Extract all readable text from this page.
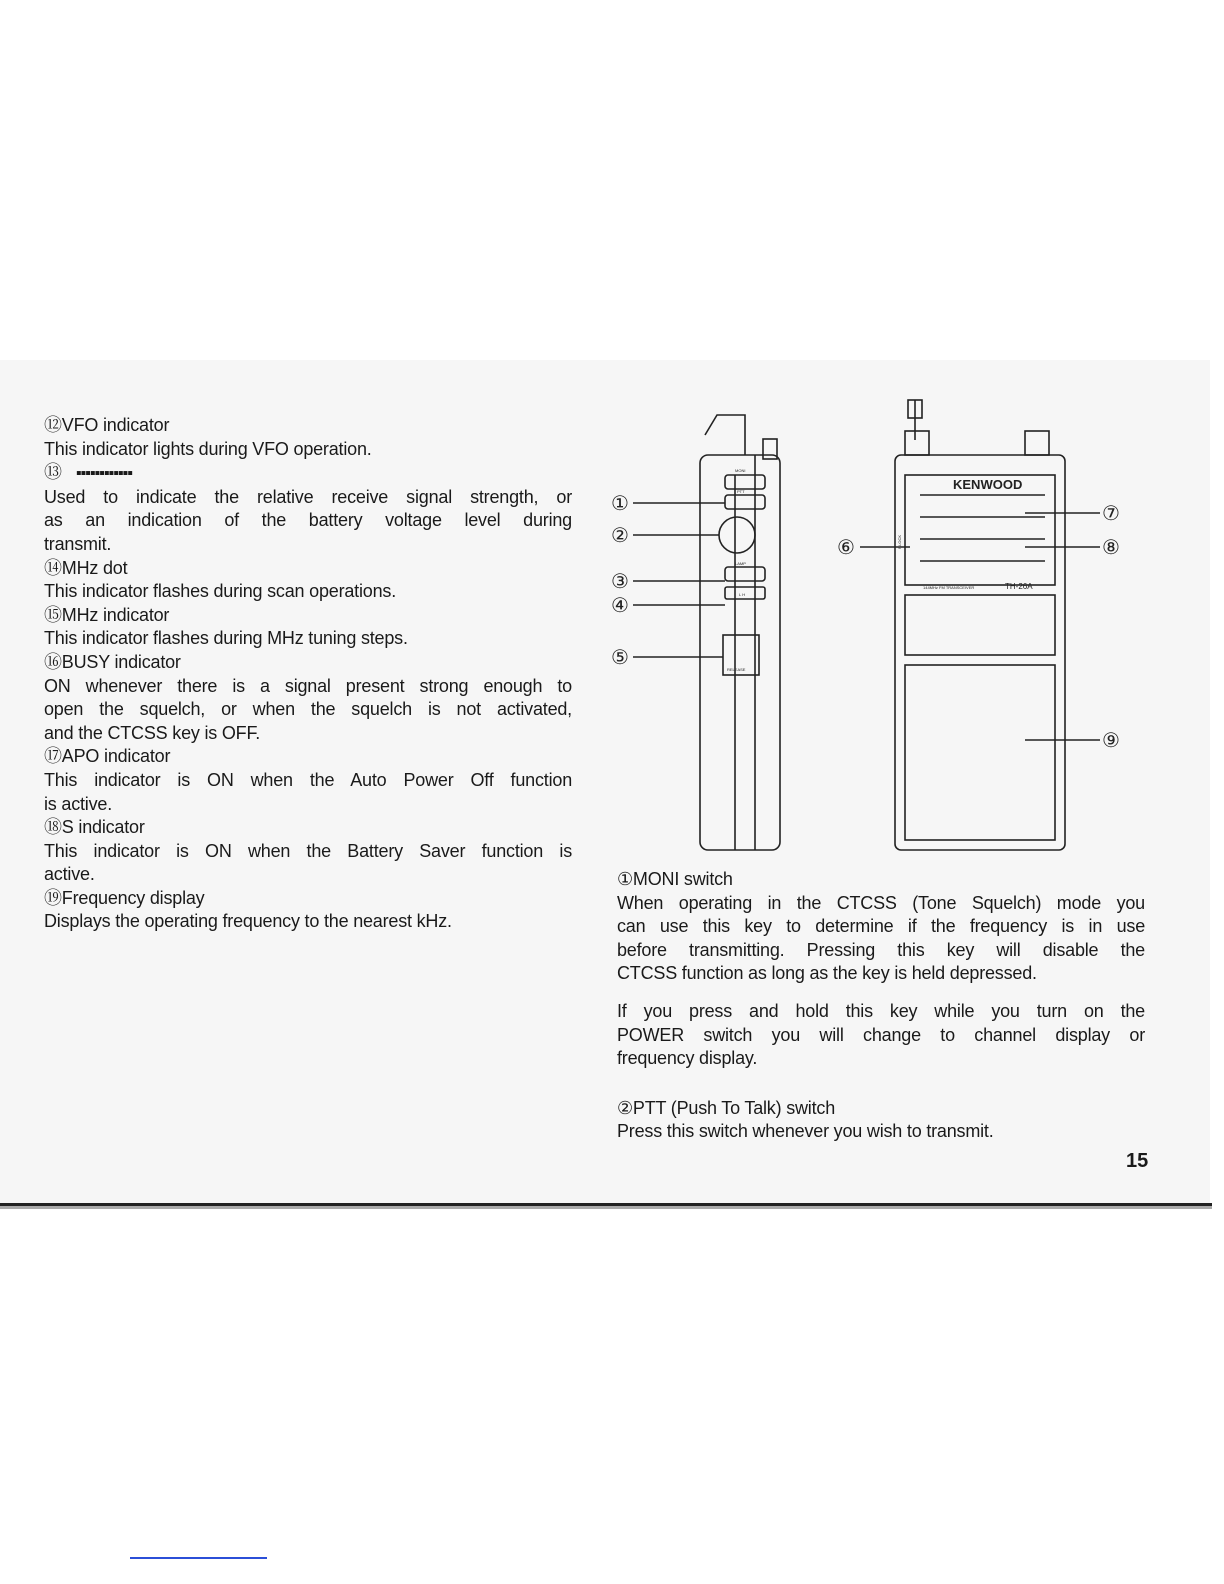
⑫VFO indicator

This indicator lights during VFO operation.

⑬ ▪▪▪▪▪▪▪▪▪▪▪▪

Used to indicate the relative receive signal strength, or

as an indication of the battery voltage level during

transmit.

⑭MHz dot

This indicator flashes during scan operations.

⑮MHz indicator

This indicator flashes during MHz tuning steps.

⑯BUSY indicator

ON whenever there is a signal present strong enough to

open the squelch, or when the squelch is not activated,

and the CTCSS key is OFF.

⑰APO indicator

This indicator is ON when the Auto Power Off function

is active.

⑱S indicator

This indicator is ON when the Battery Saver function is

active.

⑲Frequency display

Displays the operating frequency to the nearest kHz.

KENWOOD
TH-26A
144MHz FM TRANSCEIVER
MONI
PTT
LAMP
L H
RELEASE
F.LOCK
①
②
③
④
⑤
⑥
⑦
⑧
⑨

①MONI switch

When operating in the CTCSS (Tone Squelch) mode you

can use this key to determine if the frequency is in use

before transmitting. Pressing this key will disable the

CTCSS function as long as the key is held depressed.

If you press and hold this key while you turn on the

POWER switch you will change to channel display or

frequency display.

②PTT (Push To Talk) switch

Press this switch whenever you wish to transmit.

15
